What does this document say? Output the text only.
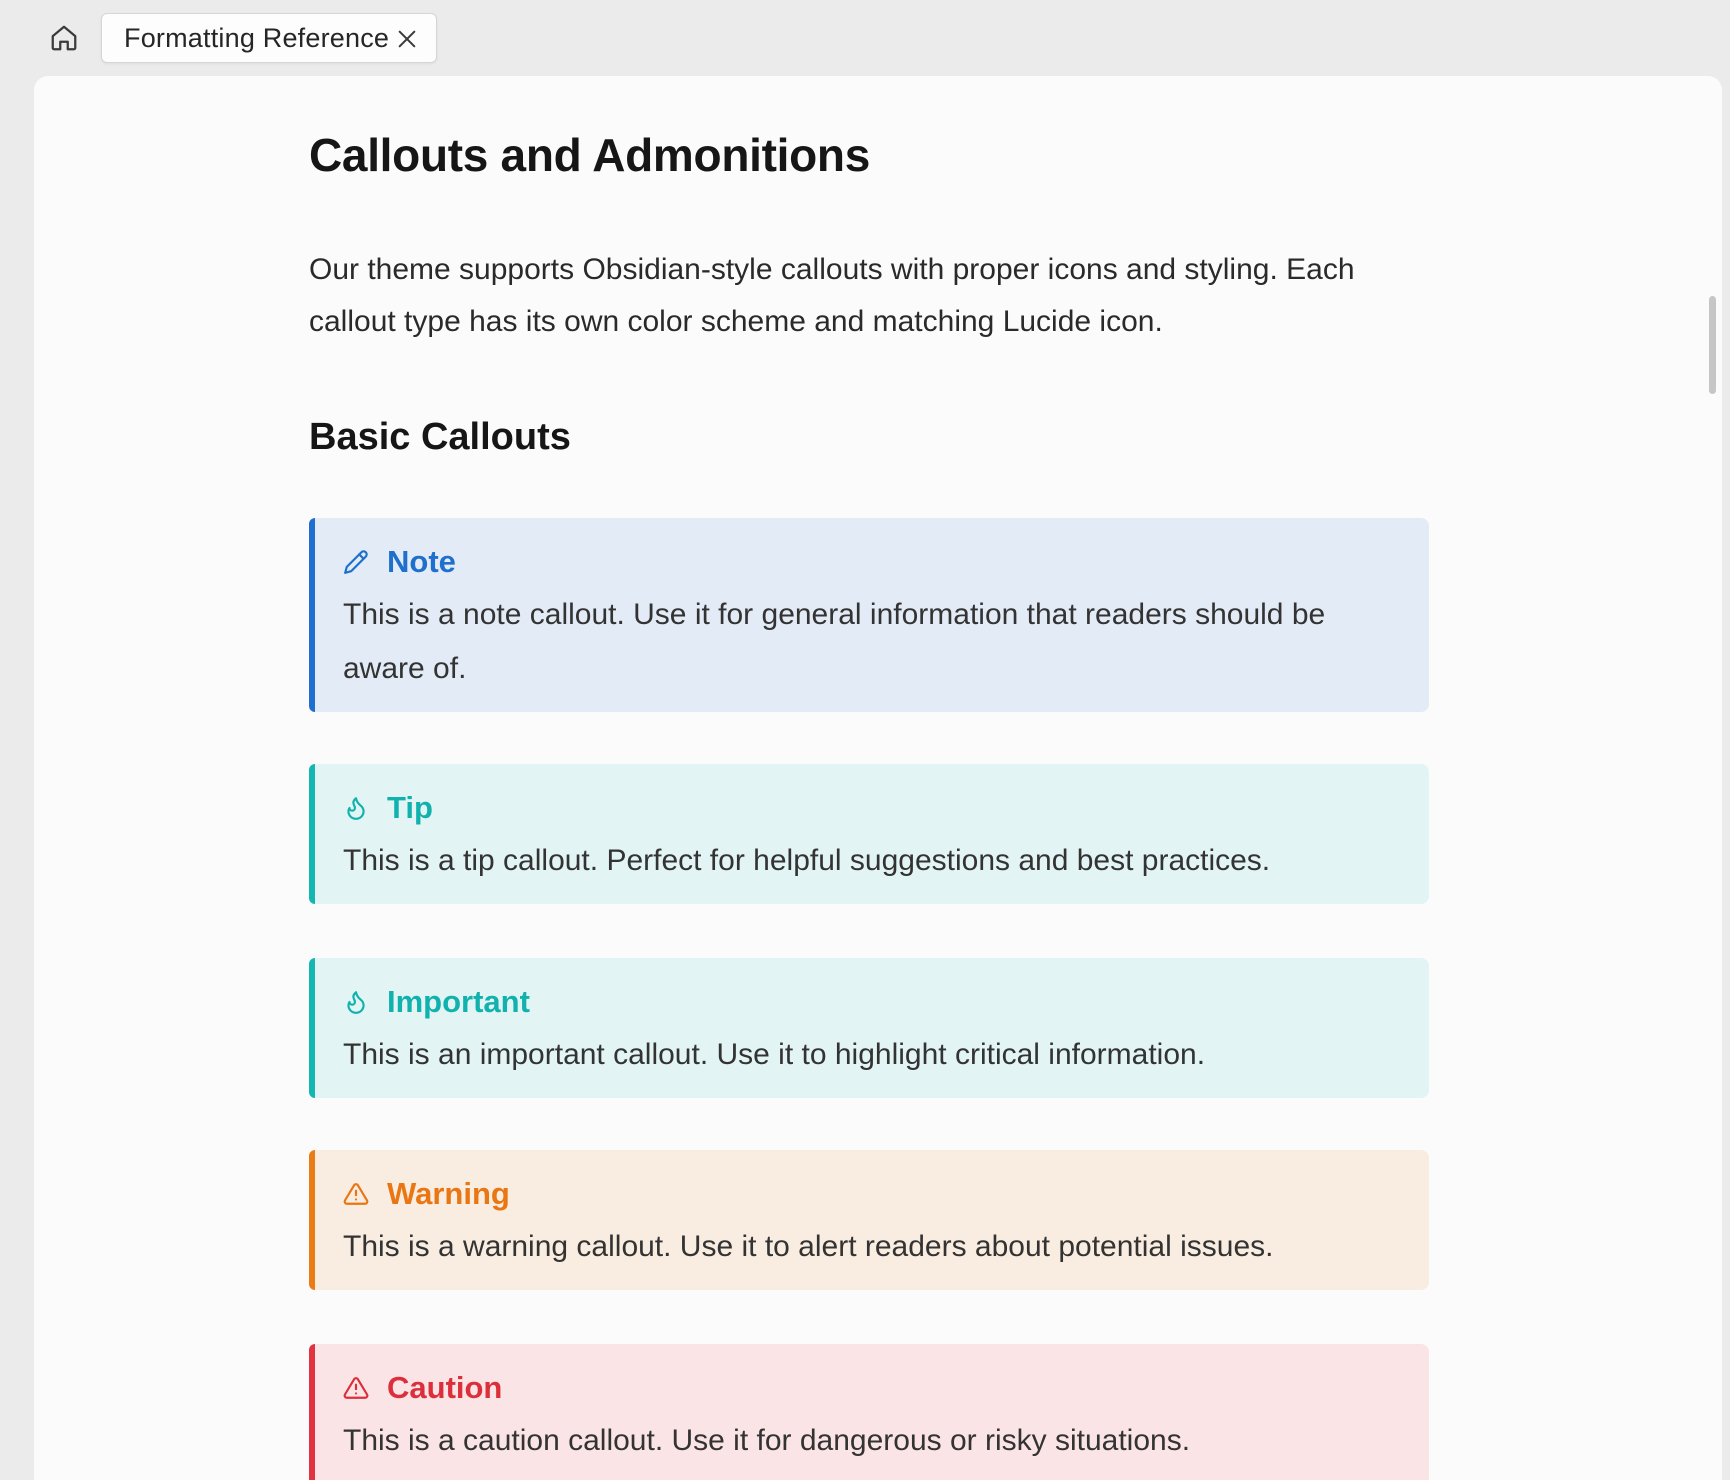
Formatting Reference
Callouts and Admonitions

Our theme supports Obsidian-style callouts with proper icons and styling. Each callout type has its own color scheme and matching Lucide icon.

Basic Callouts
Note
This is a note callout. Use it for general information that readers should be aware of.
Tip
This is a tip callout. Perfect for helpful suggestions and best practices.
Important
This is an important callout. Use it to highlight critical information.
Warning
This is a warning callout. Use it to alert readers about potential issues.
Caution
This is a caution callout. Use it for dangerous or risky situations.
